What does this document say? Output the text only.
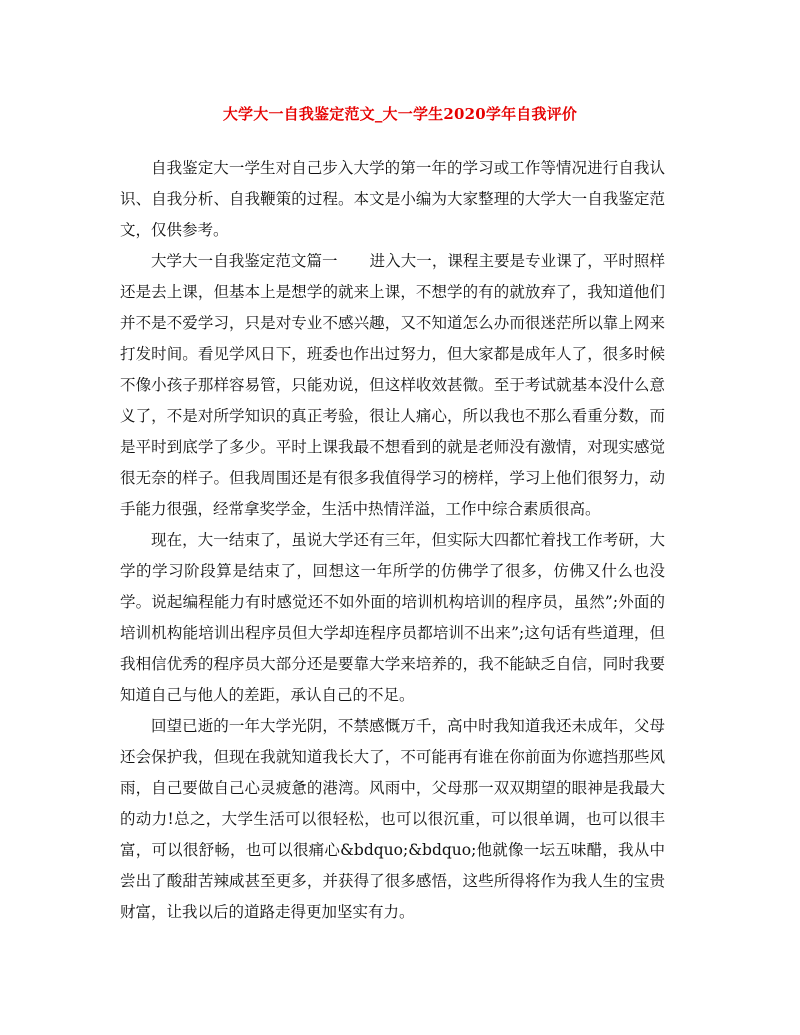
大学大一自我鉴定范文_大一学生2020学年自我评价

自我鉴定大一学生对自己步入大学的第一年的学习或工作等情况进行自我认识、自我分析、自我鞭策的过程。本文是小编为大家整理的大学大一自我鉴定范文，仅供参考。

大学大一自我鉴定范文篇一 进入大一，课程主要是专业课了，平时照样还是去上课，但基本上是想学的就来上课，不想学的有的就放弃了，我知道他们并不是不爱学习，只是对专业不感兴趣，又不知道怎么办而很迷茫所以靠上网来打发时间。看见学风日下，班委也作出过努力，但大家都是成年人了，很多时候不像小孩子那样容易管，只能劝说，但这样收效甚微。至于考试就基本没什么意义了，不是对所学知识的真正考验，很让人痛心，所以我也不那么看重分数，而是平时到底学了多少。平时上课我最不想看到的就是老师没有激情，对现实感觉很无奈的样子。但我周围还是有很多我值得学习的榜样，学习上他们很努力，动手能力很强，经常拿奖学金，生活中热情洋溢，工作中综合素质很高。

现在，大一结束了，虽说大学还有三年，但实际大四都忙着找工作考研，大学的学习阶段算是结束了，回想这一年所学的仿佛学了很多，仿佛又什么也没学。说起编程能力有时感觉还不如外面的培训机构培训的程序员，虽然”;外面的培训机构能培训出程序员但大学却连程序员都培训不出来”;这句话有些道理，但我相信优秀的程序员大部分还是要靠大学来培养的，我不能缺乏自信，同时我要知道自己与他人的差距，承认自己的不足。

回望已逝的一年大学光阴，不禁感慨万千，高中时我知道我还未成年，父母还会保护我，但现在我就知道我长大了，不可能再有谁在你前面为你遮挡那些风雨，自己要做自己心灵疲惫的港湾。风雨中，父母那一双双期望的眼神是我最大的动力!总之，大学生活可以很轻松，也可以很沉重，可以很单调，也可以很丰富，可以很舒畅，也可以很痛心&bdquo;&bdquo;他就像一坛五味醋，我从中尝出了酸甜苦辣咸甚至更多，并获得了很多感悟，这些所得将作为我人生的宝贵财富，让我以后的道路走得更加坚实有力。
